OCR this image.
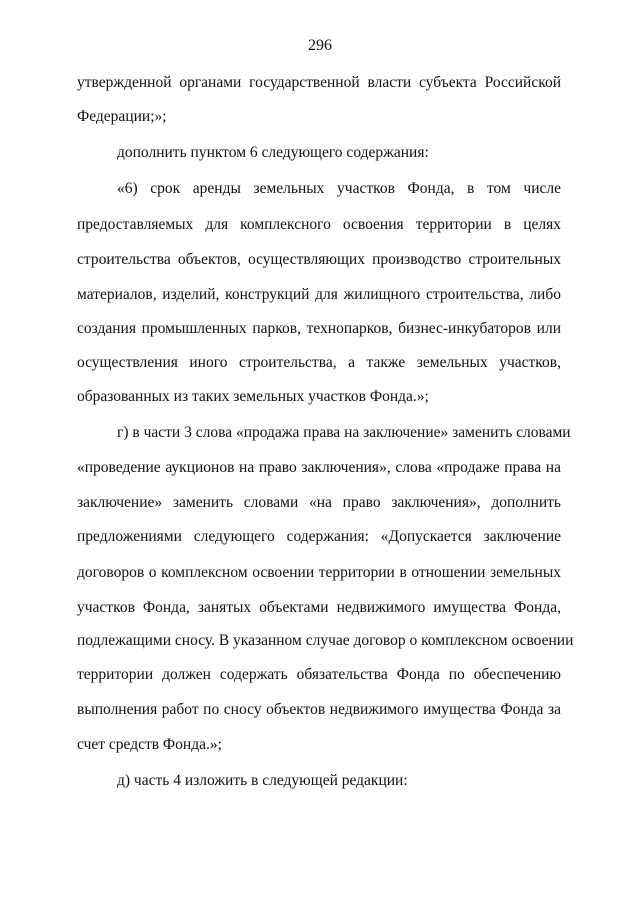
296
утвержденной органами государственной власти субъекта Российской
Федерации;»;
дополнить пунктом 6 следующего содержания:
«6) срок аренды земельных участков Фонда, в том числе
предоставляемых для комплексного освоения территории в целях
строительства объектов, осуществляющих производство строительных
материалов, изделий, конструкций для жилищного строительства, либо
создания промышленных парков, технопарков, бизнес-инкубаторов или
осуществления иного строительства, а также земельных участков,
образованных из таких земельных участков Фонда.»;
г) в части 3 слова «продажа права на заключение» заменить словами
«проведение аукционов на право заключения», слова «продаже права на
заключение» заменить словами «на право заключения», дополнить
предложениями следующего содержания: «Допускается заключение
договоров о комплексном освоении территории в отношении земельных
участков Фонда, занятых объектами недвижимого имущества Фонда,
подлежащими сносу. В указанном случае договор о комплексном освоении
территории должен содержать обязательства Фонда по обеспечению
выполнения работ по сносу объектов недвижимого имущества Фонда за
счет средств Фонда.»;
д) часть 4 изложить в следующей редакции:
